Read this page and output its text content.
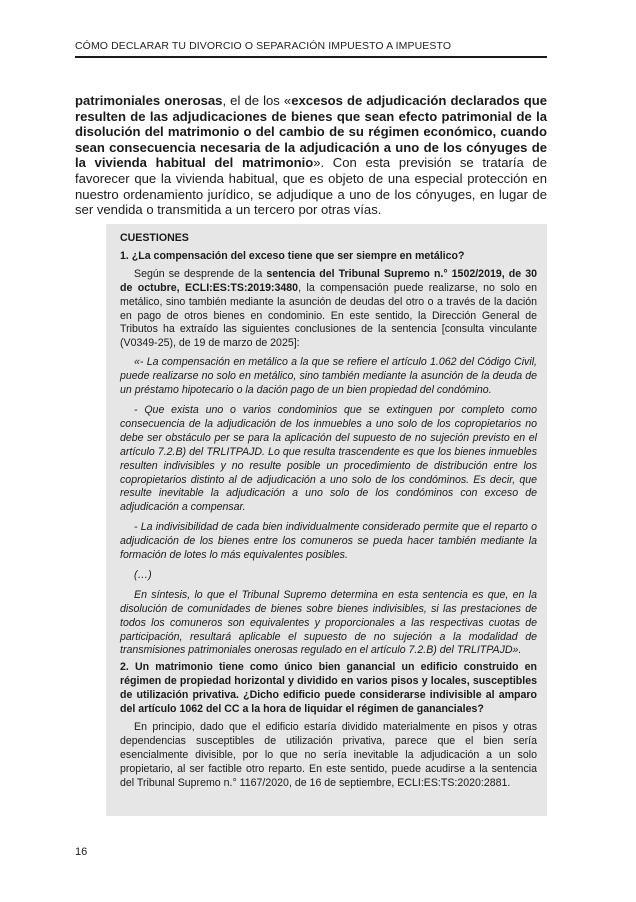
CÓMO DECLARAR TU DIVORCIO O SEPARACIÓN IMPUESTO A IMPUESTO

patrimoniales onerosas, el de los «excesos de adjudicación declarados que resulten de las adjudicaciones de bienes que sean efecto patrimonial de la disolución del matrimonio o del cambio de su régimen económico, cuando sean consecuencia necesaria de la adjudicación a uno de los cónyuges de la vivienda habitual del matrimonio». Con esta previsión se trataría de favorecer que la vivienda habitual, que es objeto de una especial protección en nuestro ordenamiento jurídico, se adjudique a uno de los cónyuges, en lugar de ser vendida o transmitida a un tercero por otras vías.

CUESTIONES

1. ¿La compensación del exceso tiene que ser siempre en metálico?

Según se desprende de la sentencia del Tribunal Supremo n.° 1502/2019, de 30 de octubre, ECLI:ES:TS:2019:3480, la compensación puede realizarse, no solo en metálico, sino también mediante la asunción de deudas del otro o a través de la dación en pago de otros bienes en condominio. En este sentido, la Dirección General de Tributos ha extraído las siguientes conclusiones de la sentencia [consulta vinculante (V0349-25), de 19 de marzo de 2025]:

«- La compensación en metálico a la que se refiere el artículo 1.062 del Código Civil, puede realizarse no solo en metálico, sino también mediante la asunción de la deuda de un préstamo hipotecario o la dación pago de un bien propiedad del condómino.

- Que exista uno o varios condominios que se extinguen por completo como consecuencia de la adjudicación de los inmuebles a uno solo de los copropietarios no debe ser obstáculo per se para la aplicación del supuesto de no sujeción previsto en el artículo 7.2.B) del TRLITPAJD. Lo que resulta trascendente es que los bienes inmuebles resulten indivisibles y no resulte posible un procedimiento de distribución entre los copropietarios distinto al de adjudicación a uno solo de los condóminos. Es decir, que resulte inevitable la adjudicación a uno solo de los condóminos con exceso de adjudicación a compensar.

- La indivisibilidad de cada bien individualmente considerado permite que el reparto o adjudicación de los bienes entre los comuneros se pueda hacer también mediante la formación de lotes lo más equivalentes posibles.

(…)

En síntesis, lo que el Tribunal Supremo determina en esta sentencia es que, en la disolución de comunidades de bienes sobre bienes indivisibles, si las prestaciones de todos los comuneros son equivalentes y proporcionales a las respectivas cuotas de participación, resultará aplicable el supuesto de no sujeción a la modalidad de transmisiones patrimoniales onerosas regulado en el artículo 7.2.B) del TRLITPAJD».

2. Un matrimonio tiene como único bien ganancial un edificio construido en régimen de propiedad horizontal y dividido en varios pisos y locales, susceptibles de utilización privativa. ¿Dicho edificio puede considerarse indivisible al amparo del artículo 1062 del CC a la hora de liquidar el régimen de gananciales?

En principio, dado que el edificio estaría dividido materialmente en pisos y otras dependencias susceptibles de utilización privativa, parece que el bien sería esencialmente divisible, por lo que no sería inevitable la adjudicación a un solo propietario, al ser factible otro reparto. En este sentido, puede acudirse a la sentencia del Tribunal Supremo n.° 1167/2020, de 16 de septiembre, ECLI:ES:TS:2020:2881.

16
